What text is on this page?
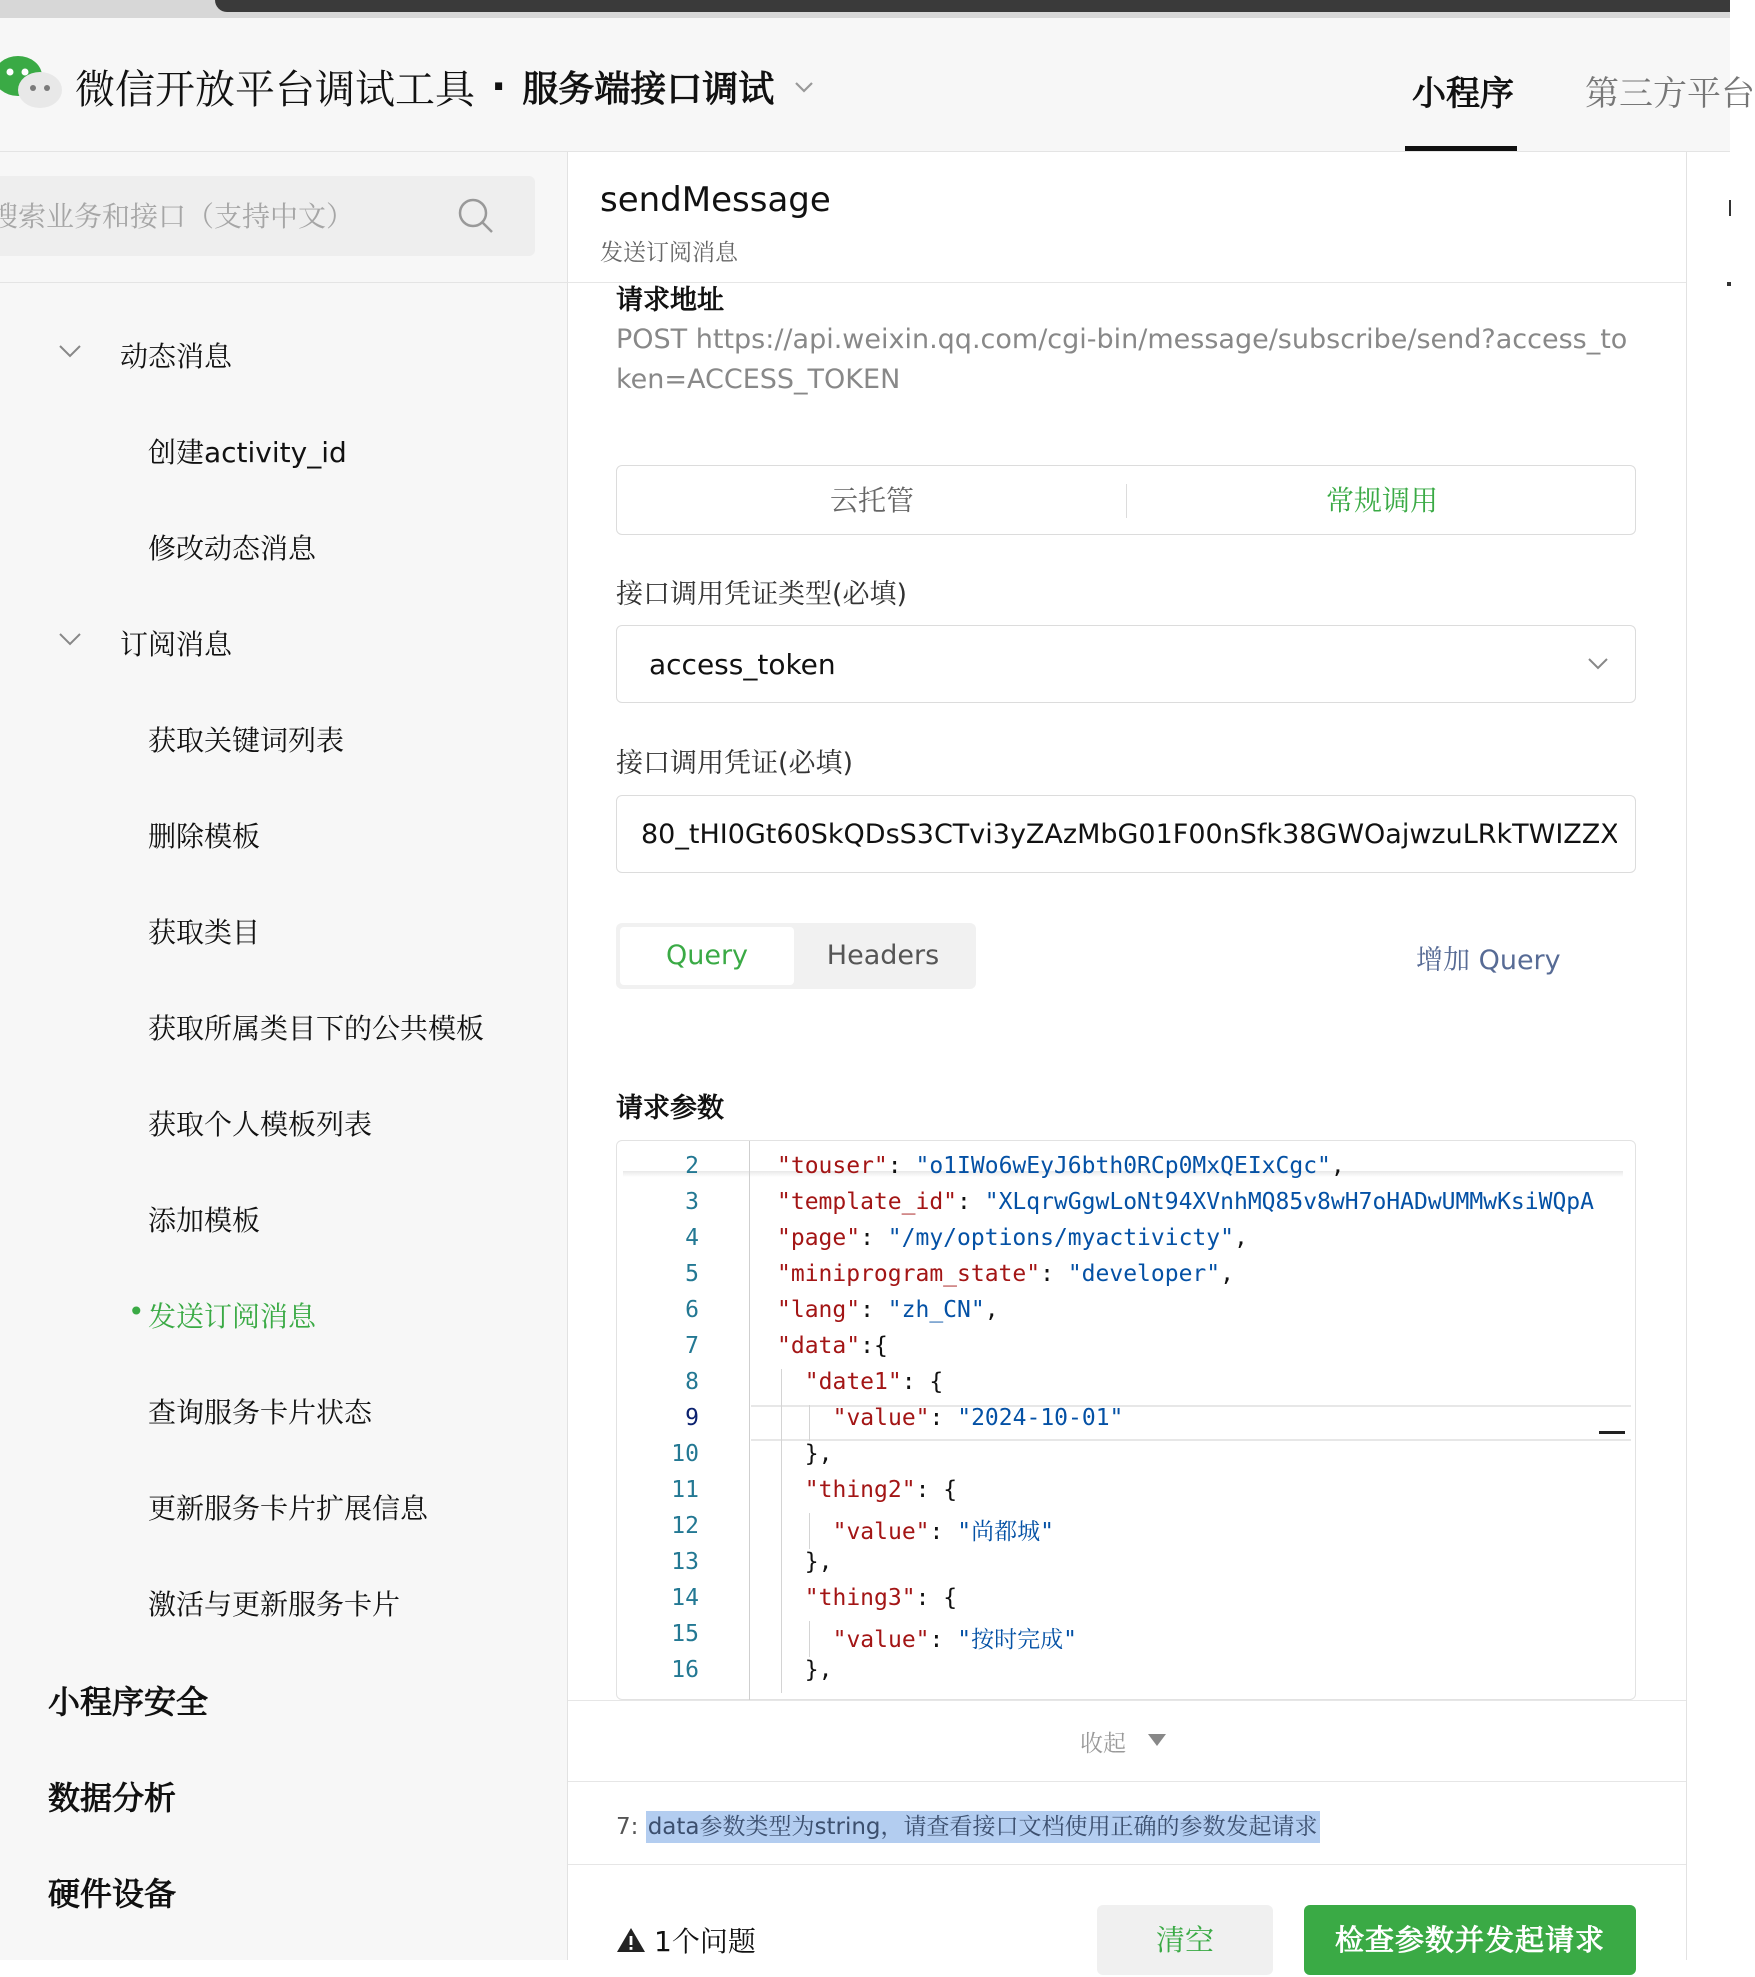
微信开放平台调试工具 · 服务端接口调试	小程序 第三方平台
搜索业务和接口（支持中文）
动态消息
创建activity_id
修改动态消息
订阅消息
获取关键词列表
删除模板
获取类目
获取所属类目下的公共模板
获取个人模板列表
添加模板
• 发送订阅消息
查询服务卡片状态
更新服务卡片扩展信息
激活与更新服务卡片
小程序安全
数据分析
硬件设备
sendMessage
发送订阅消息
请求地址
POST https://api.weixin.qq.com/cgi-bin/message/subscribe/send?access_token=ACCESS_TOKEN
云托管	常规调用
接口调用凭证类型(必填)
access_token
接口调用凭证(必填)
80_tHI0Gt60SkQDsS3CTvi3yZAzMbG01F00nSfk38GWOajwzuLRkTWIZZXD
Query	Headers	增加 Query
请求参数
2	"touser": "o1IWo6wEyJ6bth0RCp0MxQEIxCgc",
3	"template_id": "XLqrwGgwLoNt94XVnhMQ85v8wH7oHADwUMMwKsiWQpA
4	"page": "/my/options/myactivicty",
5	"miniprogram_state": "developer",
6	"lang": "zh_CN",
7	"data":{
8	"date1": {
9	"value": "2024-10-01"
10	},
11	"thing2": {
12	"value": "尚都城"
13	},
14	"thing3": {
15	"value": "按时完成"
16	},
收起
7: data参数类型为string，请查看接口文档使用正确的参数发起请求
1个问题	清空	检查参数并发起请求
